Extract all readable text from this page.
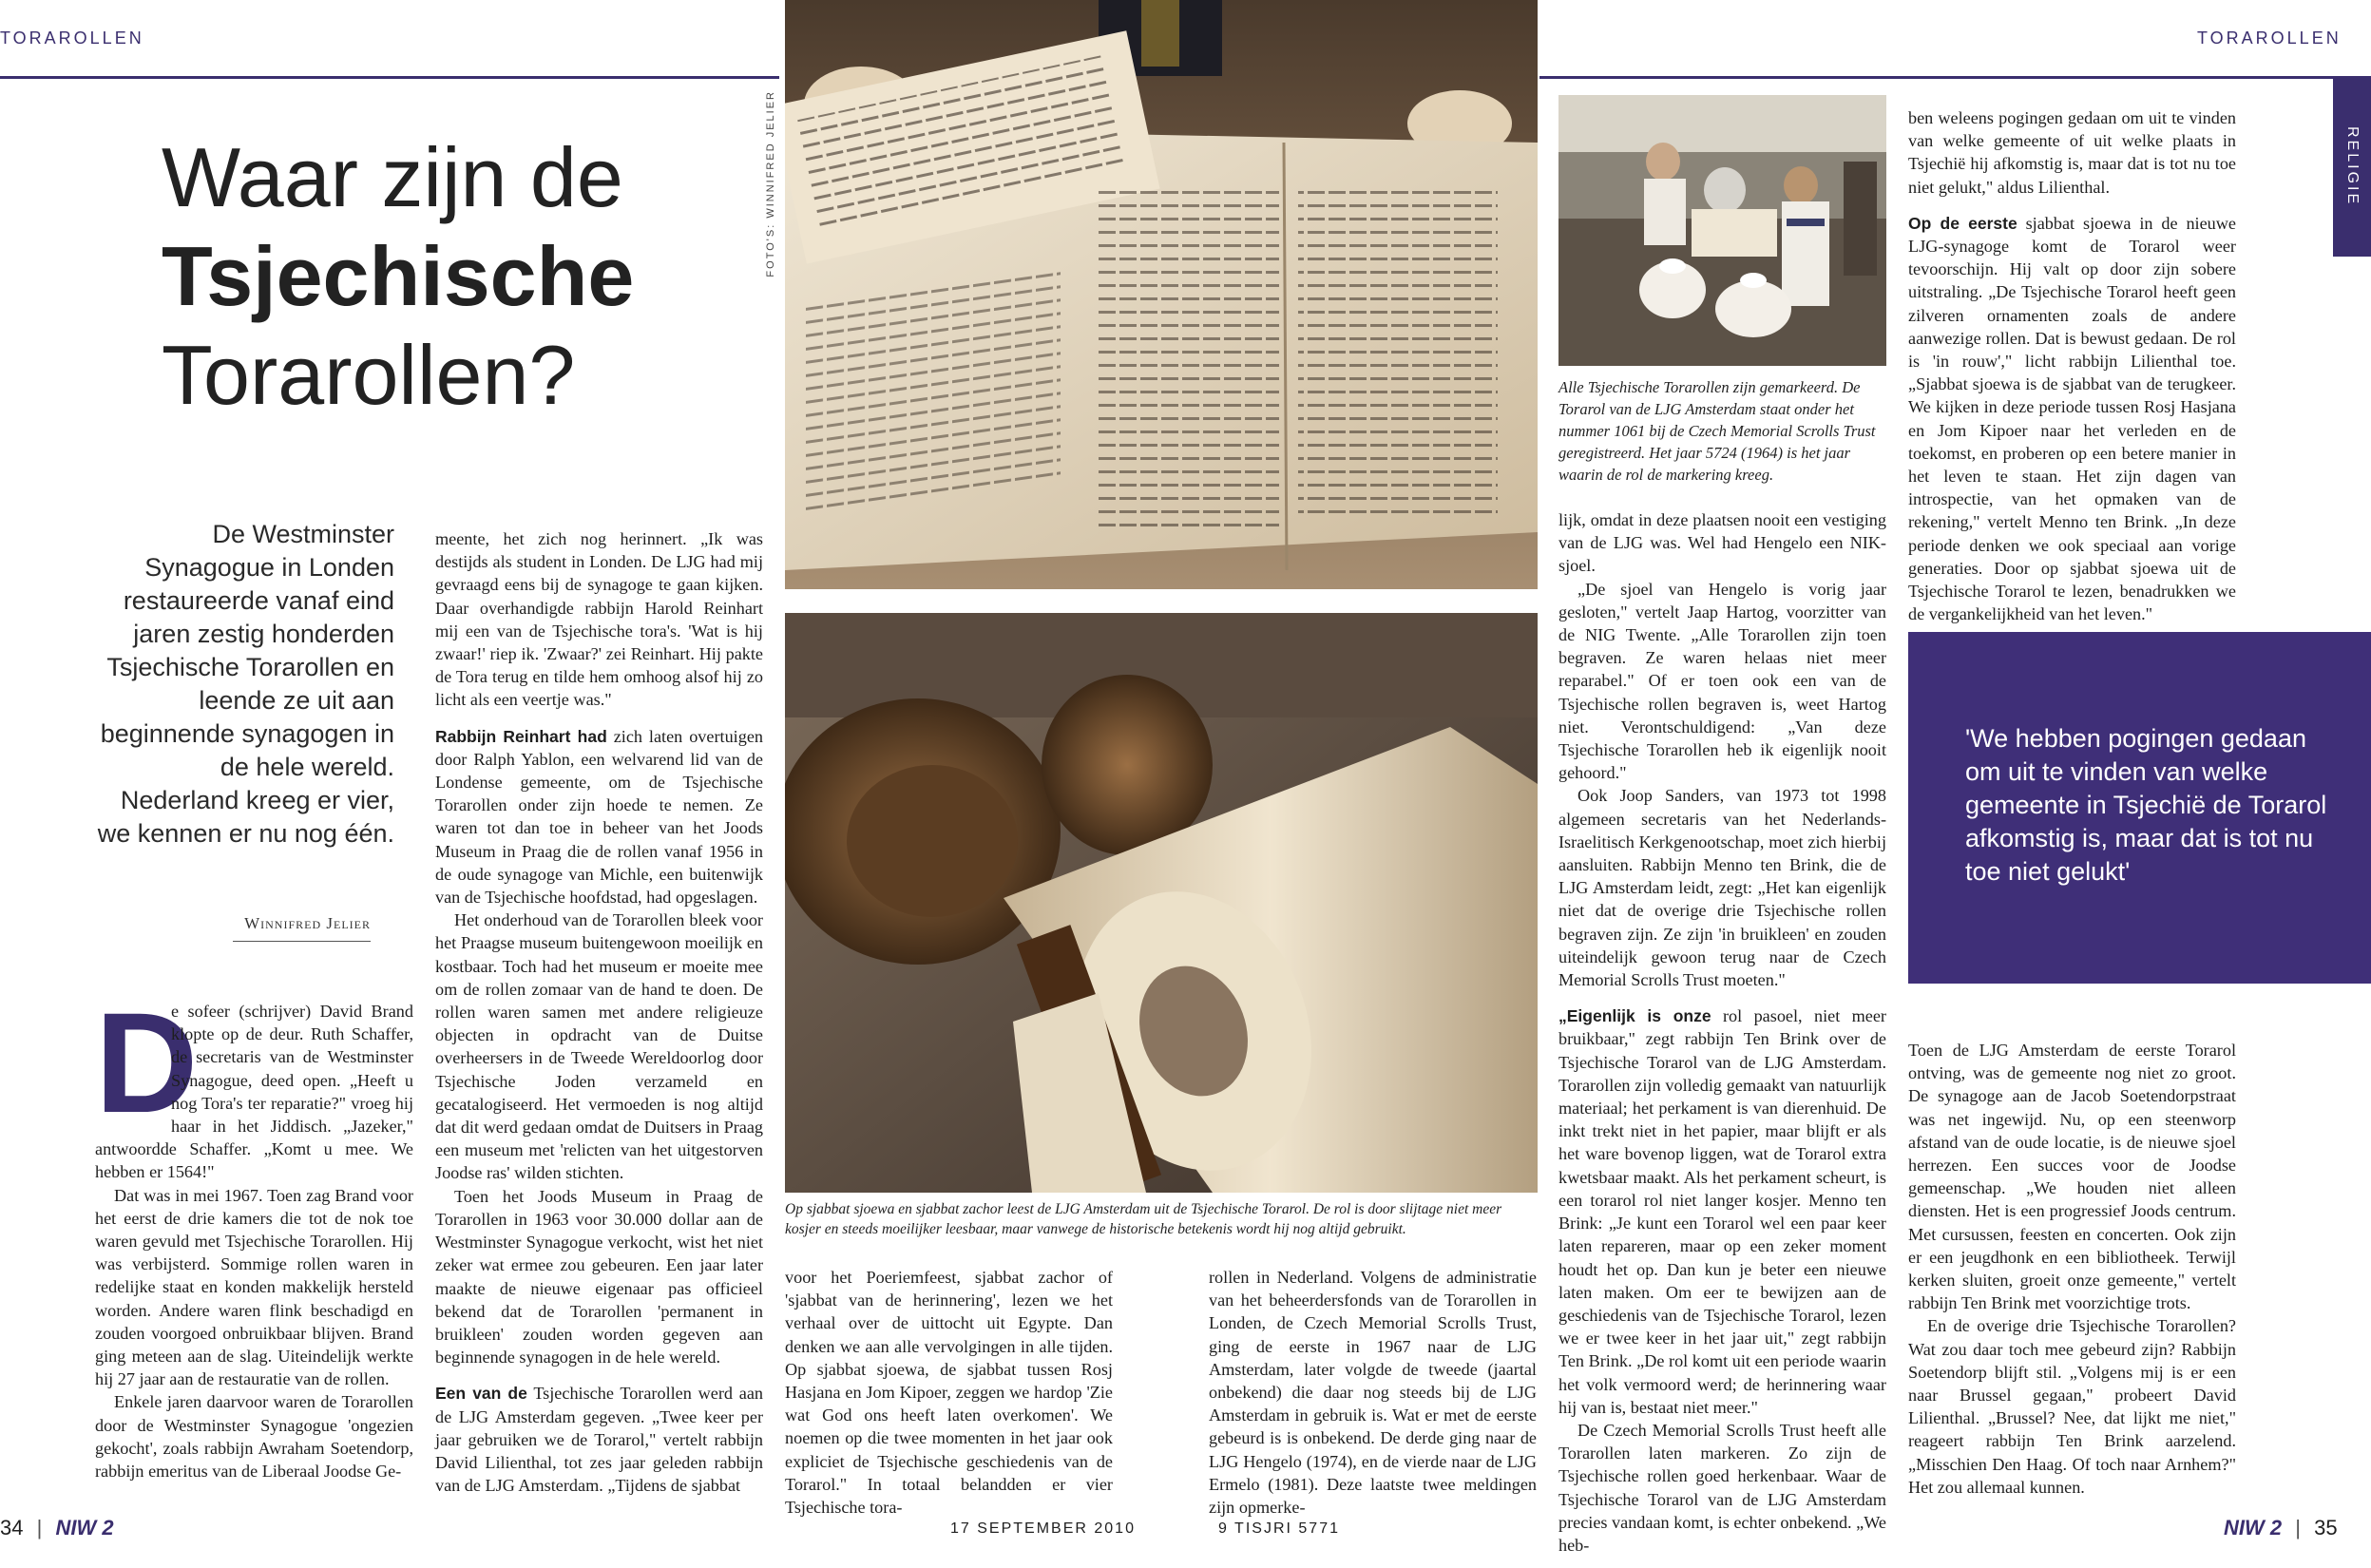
TORAROLLEN	TORAROLLEN
RELIGIE
Waar zijn de
Tsjechische
Torarollen?
De Westminster Synagogue in Londen restaureerde vanaf eind jaren zestig honderden Tsjechische Torarollen en leende ze uit aan beginnende synagogen in de hele wereld. Nederland kreeg er vier, we kennen er nu nog één.
Winnifred Jelier
D

e sofeer (schrijver) David Brand klopte op de deur. Ruth Schaffer, de secretaris van de Westminster Synagogue, deed open. „Heeft u nog Tora's ter reparatie?" vroeg hij haar in het Jiddisch. „Jazeker," antwoordde Schaffer. „Komt u mee. We hebben er 1564!"

Dat was in mei 1967. Toen zag Brand voor het eerst de drie kamers die tot de nok toe waren gevuld met Tsjechische Torarollen. Hij was verbijsterd. Sommige rollen waren in redelijke staat en konden makkelijk hersteld worden. Andere waren flink beschadigd en zouden voorgoed onbruikbaar blijven. Brand ging meteen aan de slag. Uiteindelijk werkte hij 27 jaar aan de restauratie van de rollen.

Enkele jaren daarvoor waren de Torarollen door de Westminster Synagogue 'ongezien gekocht', zoals rabbijn Awraham Soetendorp, rabbijn emeritus van de Liberaal Joodse Ge-

meente, het zich nog herinnert. „Ik was destijds als student in Londen. De LJG had mij gevraagd eens bij de synagoge te gaan kijken. Daar overhandigde rabbijn Harold Reinhart mij een van de Tsjechische tora's. 'Wat is hij zwaar!' riep ik. 'Zwaar?' zei Reinhart. Hij pakte de Tora terug en tilde hem omhoog alsof hij zo licht als een veertje was."

Rabbijn Reinhart had zich laten overtuigen door Ralph Yablon, een welvarend lid van de Londense gemeente, om de Tsjechische Torarollen onder zijn hoede te nemen. Ze waren tot dan toe in beheer van het Joods Museum in Praag die de rollen vanaf 1956 in de oude synagoge van Michle, een buitenwijk van de Tsjechische hoofdstad, had opgeslagen.

Het onderhoud van de Torarollen bleek voor het Praagse museum buitengewoon moeilijk en kostbaar. Toch had het museum er moeite mee om de rollen zomaar van de hand te doen. De rollen waren samen met andere religieuze objecten in opdracht van de Duitse overheersers in de Tweede Wereldoorlog door Tsjechische Joden verzameld en gecatalogiseerd. Het vermoeden is nog altijd dat dit werd gedaan omdat de Duitsers in Praag een museum met 'relicten van het uitgestorven Joodse ras' wilden stichten.

Toen het Joods Museum in Praag de Torarollen in 1963 voor 30.000 dollar aan de Westminster Synagogue verkocht, wist het niet zeker wat ermee zou gebeuren. Een jaar later maakte de nieuwe eigenaar pas officieel bekend dat de Torarollen 'permanent in bruikleen' zouden worden gegeven aan beginnende synagogen in de hele wereld.

Een van de Tsjechische Torarollen werd aan de LJG Amsterdam gegeven. „Twee keer per jaar gebruiken we de Torarol," vertelt rabbijn David Lilienthal, tot zes jaar geleden rabbijn van de LJG Amsterdam. „Tijdens de sjabbat

FOTO'S: WINNIFRED JELIER
Op sjabbat sjoewa en sjabbat zachor leest de LJG Amsterdam uit de Tsjechische Torarol. De rol is door slijtage niet meer kosjer en steeds moeilijker leesbaar, maar vanwege de historische betekenis wordt hij nog altijd gebruikt.

voor het Poeriemfeest, sjabbat zachor of 'sjabbat van de herinnering', lezen we het verhaal over de uittocht uit Egypte. Dan denken we aan alle vervolgingen in alle tijden. Op sjabbat sjoewa, de sjabbat tussen Rosj Hasjana en Jom Kipoer, zeggen we hardop 'Zie wat God ons heeft laten overkomen'. We noemen op die twee momenten in het jaar ook expliciet de Tsjechische geschiedenis van de Torarol." In totaal belandden er vier Tsjechische tora-

rollen in Nederland. Volgens de administratie van het beheerdersfonds van de Torarollen in Londen, de Czech Memorial Scrolls Trust, ging de eerste in 1967 naar de LJG Amsterdam, later volgde de tweede (jaartal onbekend) die daar nog steeds bij de LJG Amsterdam in gebruik is. Wat er met de eerste gebeurd is is onbekend. De derde ging naar de LJG Hengelo (1974), en de vierde naar de LJG Ermelo (1981). Deze laatste twee meldingen zijn opmerke-

Alle Tsjechische Torarollen zijn gemarkeerd. De Torarol van de LJG Amsterdam staat onder het nummer 1061 bij de Czech Memorial Scrolls Trust geregistreerd. Het jaar 5724 (1964) is het jaar waarin de rol de markering kreeg.

lijk, omdat in deze plaatsen nooit een vestiging van de LJG was. Wel had Hengelo een NIK-sjoel.

„De sjoel van Hengelo is vorig jaar gesloten," vertelt Jaap Hartog, voorzitter van de NIG Twente. „Alle Torarollen zijn toen begraven. Ze waren helaas niet meer reparabel." Of er toen ook een van de Tsjechische rollen begraven is, weet Hartog niet. Verontschuldigend: „Van deze Tsjechische Torarollen heb ik eigenlijk nooit gehoord."

Ook Joop Sanders, van 1973 tot 1998 algemeen secretaris van het Nederlands-Israelitisch Kerkgenootschap, moet zich hierbij aansluiten. Rabbijn Menno ten Brink, die de LJG Amsterdam leidt, zegt: „Het kan eigenlijk niet dat de overige drie Tsjechische rollen begraven zijn. Ze zijn 'in bruikleen' en zouden uiteindelijk gewoon terug naar de Czech Memorial Scrolls Trust moeten."

„Eigenlijk is onze rol pasoel, niet meer bruikbaar," zegt rabbijn Ten Brink over de Tsjechische Torarol van de LJG Amsterdam. Torarollen zijn volledig gemaakt van natuurlijk materiaal; het perkament is van dierenhuid. De inkt trekt niet in het papier, maar blijft er als het ware bovenop liggen, wat de Torarol extra kwetsbaar maakt. Als het perkament scheurt, is een torarol rol niet langer kosjer. Menno ten Brink: „Je kunt een Torarol wel een paar keer laten repareren, maar op een zeker moment houdt het op. Dan kun je beter een nieuwe laten maken. Om eer te bewijzen aan de geschiedenis van de Tsjechische Torarol, lezen we er twee keer in het jaar uit," zegt rabbijn Ten Brink. „De rol komt uit een periode waarin het volk vermoord werd; de herinnering waar hij van is, bestaat niet meer."

De Czech Memorial Scrolls Trust heeft alle Torarollen laten markeren. Zo zijn de Tsjechische rollen goed herkenbaar. Waar de Tsjechische Torarol van de LJG Amsterdam precies vandaan komt, is echter onbekend. „We heb-

ben weleens pogingen gedaan om uit te vinden van welke gemeente of uit welke plaats in Tsjechië hij afkomstig is, maar dat is tot nu toe niet gelukt," aldus Lilienthal.

Op de eerste sjabbat sjoewa in de nieuwe LJG-synagoge komt de Torarol weer tevoorschijn. Hij valt op door zijn sobere uitstraling. „De Tsjechische Torarol heeft geen zilveren ornamenten zoals de andere aanwezige rollen. Dat is bewust gedaan. De rol is 'in rouw'," licht rabbijn Lilienthal toe. „Sjabbat sjoewa is de sjabbat van de terugkeer. We kijken in deze periode tussen Rosj Hasjana en Jom Kipoer naar het verleden en de toekomst, en proberen op een betere manier in het leven te staan. Het zijn dagen van introspectie, van het opmaken van de rekening," vertelt Menno ten Brink. „In deze periode denken we ook speciaal aan vorige generaties. Door op sjabbat sjoewa uit de Tsjechische Torarol te lezen, benadrukken we de vergankelijkheid van het leven."

'We hebben pogingen gedaan om uit te vinden van welke gemeente in Tsjechië de Torarol afkomstig is, maar dat is tot nu toe niet gelukt'

Toen de LJG Amsterdam de eerste Torarol ontving, was de gemeente nog niet zo groot. De synagoge aan de Jacob Soetendorpstraat was net ingewijd. Nu, op een steenworp afstand van de oude locatie, is de nieuwe sjoel herrezen. Een succes voor de Joodse gemeenschap. „We houden niet alleen diensten. Het is een progressief Joods centrum. Met cursussen, feesten en concerten. Ook zijn er een jeugdhonk en een bibliotheek. Terwijl kerken sluiten, groeit onze gemeente," vertelt rabbijn Ten Brink met voorzichtige trots.

En de overige drie Tsjechische Torarollen? Wat zou daar toch mee gebeurd zijn? Rabbijn Soetendorp blijft stil. „Volgens mij is er een naar Brussel gegaan," probeert David Lilienthal. „Brussel? Nee, dat lijkt me niet," reageert rabbijn Ten Brink aarzelend. „Misschien Den Haag. Of toch naar Arnhem?" Het zou allemaal kunnen.

34 | NIW 2	17 SEPTEMBER 2010	9 TISJRI 5771	NIW 2 | 35
